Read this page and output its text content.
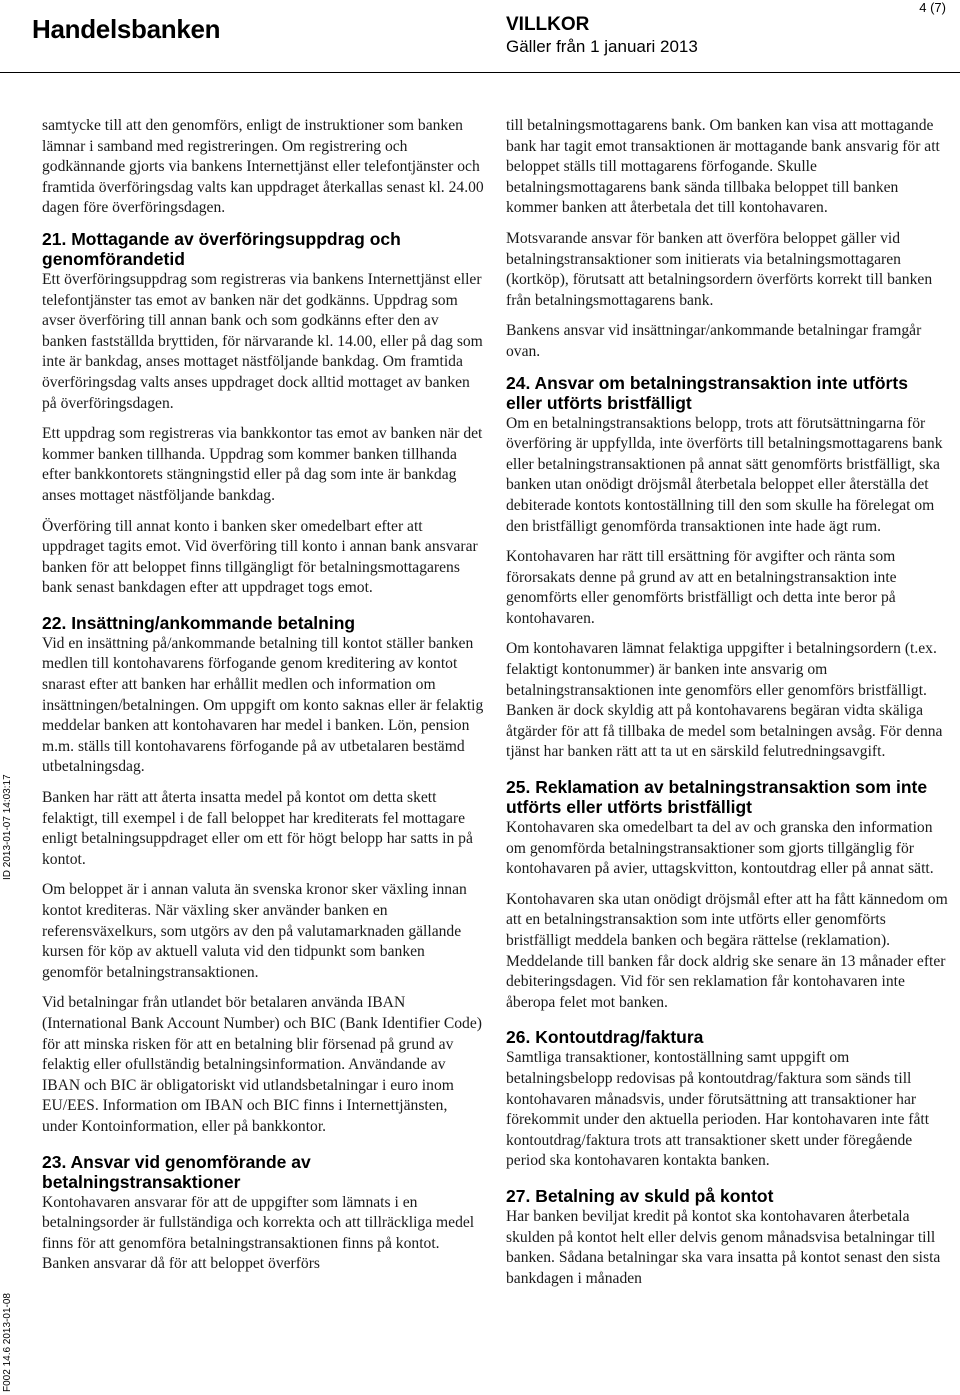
Handelsbanken	VILLKOR
Gäller från 1 januari 2013
4 (7)
ID 2013-01-07 14:03:17
F002 14.6 2013-01-08

samtycke till att den genomförs, enligt de instruktioner som banken lämnar i samband med registreringen. Om registrering och godkännande gjorts via bankens Internettjänst eller telefontjänster och framtida överföringsdag valts kan uppdraget återkallas senast kl. 24.00 dagen före överföringsdagen.

21. Mottagande av överföringsuppdrag och genomförandetid

Ett överföringsuppdrag som registreras via bankens Internettjänst eller telefontjänster tas emot av banken när det godkänns. Uppdrag som avser överföring till annan bank och som godkänns efter den av banken fastställda bryttiden, för närvarande kl. 14.00, eller på dag som inte är bankdag, anses mottaget nästföljande bankdag. Om framtida överföringsdag valts anses uppdraget dock alltid mottaget av banken på överföringsdagen.

Ett uppdrag som registreras via bankkontor tas emot av banken när det kommer banken tillhanda. Uppdrag som kommer banken tillhanda efter bankkontorets stängningstid eller på dag som inte är bankdag anses mottaget nästföljande bankdag.

Överföring till annat konto i banken sker omedelbart efter att uppdraget tagits emot. Vid överföring till konto i annan bank ansvarar banken för att beloppet finns tillgängligt för betalningsmottagarens bank senast bankdagen efter att uppdraget togs emot.

22. Insättning/ankommande betalning

Vid en insättning på/ankommande betalning till kontot ställer banken medlen till kontohavarens förfogande genom kreditering av kontot snarast efter att banken har erhållit medlen och information om insättningen/betalningen. Om uppgift om konto saknas eller är felaktig meddelar banken att kontohavaren har medel i banken. Lön, pension m.m. ställs till kontohavarens förfogande på av utbetalaren bestämd utbetalningsdag.

Banken har rätt att återta insatta medel på kontot om detta skett felaktigt, till exempel i de fall beloppet har krediterats fel mottagare enligt betalningsuppdraget eller om ett för högt belopp har satts in på kontot.

Om beloppet är i annan valuta än svenska kronor sker växling innan kontot krediteras. När växling sker använder banken en referensväxelkurs, som utgörs av den på valutamarknaden gällande kursen för köp av aktuell valuta vid den tidpunkt som banken genomför betalningstransaktionen.

Vid betalningar från utlandet bör betalaren använda IBAN (International Bank Account Number) och BIC (Bank Identifier Code) för att minska risken för att en betalning blir försenad på grund av felaktig eller ofullständig betalningsinformation. Användande av IBAN och BIC är obligatoriskt vid utlandsbetalningar i euro inom EU/EES. Information om IBAN och BIC finns i Internettjänsten, under Kontoinformation, eller på bankkontor.

23. Ansvar vid genomförande av betalningstransaktioner

Kontohavaren ansvarar för att de uppgifter som lämnats i en betalningsorder är fullständiga och korrekta och att tillräckliga medel finns för att genomföra betalningstransaktionen finns på kontot. Banken ansvarar då för att beloppet överförs

till betalningsmottagarens bank. Om banken kan visa att mottagande bank har tagit emot transaktionen är mottagande bank ansvarig för att beloppet ställs till mottagarens förfogande. Skulle betalningsmottagarens bank sända tillbaka beloppet till banken kommer banken att återbetala det till kontohavaren.

Motsvarande ansvar för banken att överföra beloppet gäller vid betalningstransaktioner som initierats via betalningsmottagaren (kortköp), förutsatt att betalningsordern överförts korrekt till banken från betalningsmottagarens bank.

Bankens ansvar vid insättningar/ankommande betalningar framgår ovan.

24. Ansvar om betalningstransaktion inte utförts eller utförts bristfälligt

Om en betalningstransaktions belopp, trots att förutsättningarna för överföring är uppfyllda, inte överförts till betalningsmottagarens bank eller betalningstransaktionen på annat sätt genomförts bristfälligt, ska banken utan onödigt dröjsmål återbetala beloppet eller återställa det debiterade kontots kontoställning till den som skulle ha förelegat om den bristfälligt genomförda transaktionen inte hade ägt rum.

Kontohavaren har rätt till ersättning för avgifter och ränta som förorsakats denne på grund av att en betalningstransaktion inte genomförts eller genomförts bristfälligt och detta inte beror på kontohavaren.

Om kontohavaren lämnat felaktiga uppgifter i betalningsordern (t.ex. felaktigt kontonummer) är banken inte ansvarig om betalningstransaktionen inte genomförs eller genomförs bristfälligt. Banken är dock skyldig att på kontohavarens begäran vidta skäliga åtgärder för att få tillbaka de medel som betalningen avsåg. För denna tjänst har banken rätt att ta ut en särskild felutredningsavgift.

25. Reklamation av betalningstransaktion som inte utförts eller utförts bristfälligt

Kontohavaren ska omedelbart ta del av och granska den information om genomförda betalningstransaktioner som gjorts tillgänglig för kontohavaren på avier, uttagskvitton, kontoutdrag eller på annat sätt.

Kontohavaren ska utan onödigt dröjsmål efter att ha fått kännedom om att en betalningstransaktion som inte utförts eller genomförts bristfälligt meddela banken och begära rättelse (reklamation). Meddelande till banken får dock aldrig ske senare än 13 månader efter debiteringsdagen. Vid för sen reklamation får kontohavaren inte åberopa felet mot banken.

26. Kontoutdrag/faktura

Samtliga transaktioner, kontoställning samt uppgift om betalningsbelopp redovisas på kontoutdrag/faktura som sänds till kontohavaren månadsvis, under förutsättning att transaktioner har förekommit under den aktuella perioden. Har kontohavaren inte fått kontoutdrag/faktura trots att transaktioner skett under föregående period ska kontohavaren kontakta banken.

27. Betalning av skuld på kontot

Har banken beviljat kredit på kontot ska kontohavaren återbetala skulden på kontot helt eller delvis genom månadsvisa betalningar till banken. Sådana betalningar ska vara insatta på kontot senast den sista bankdagen i månaden
